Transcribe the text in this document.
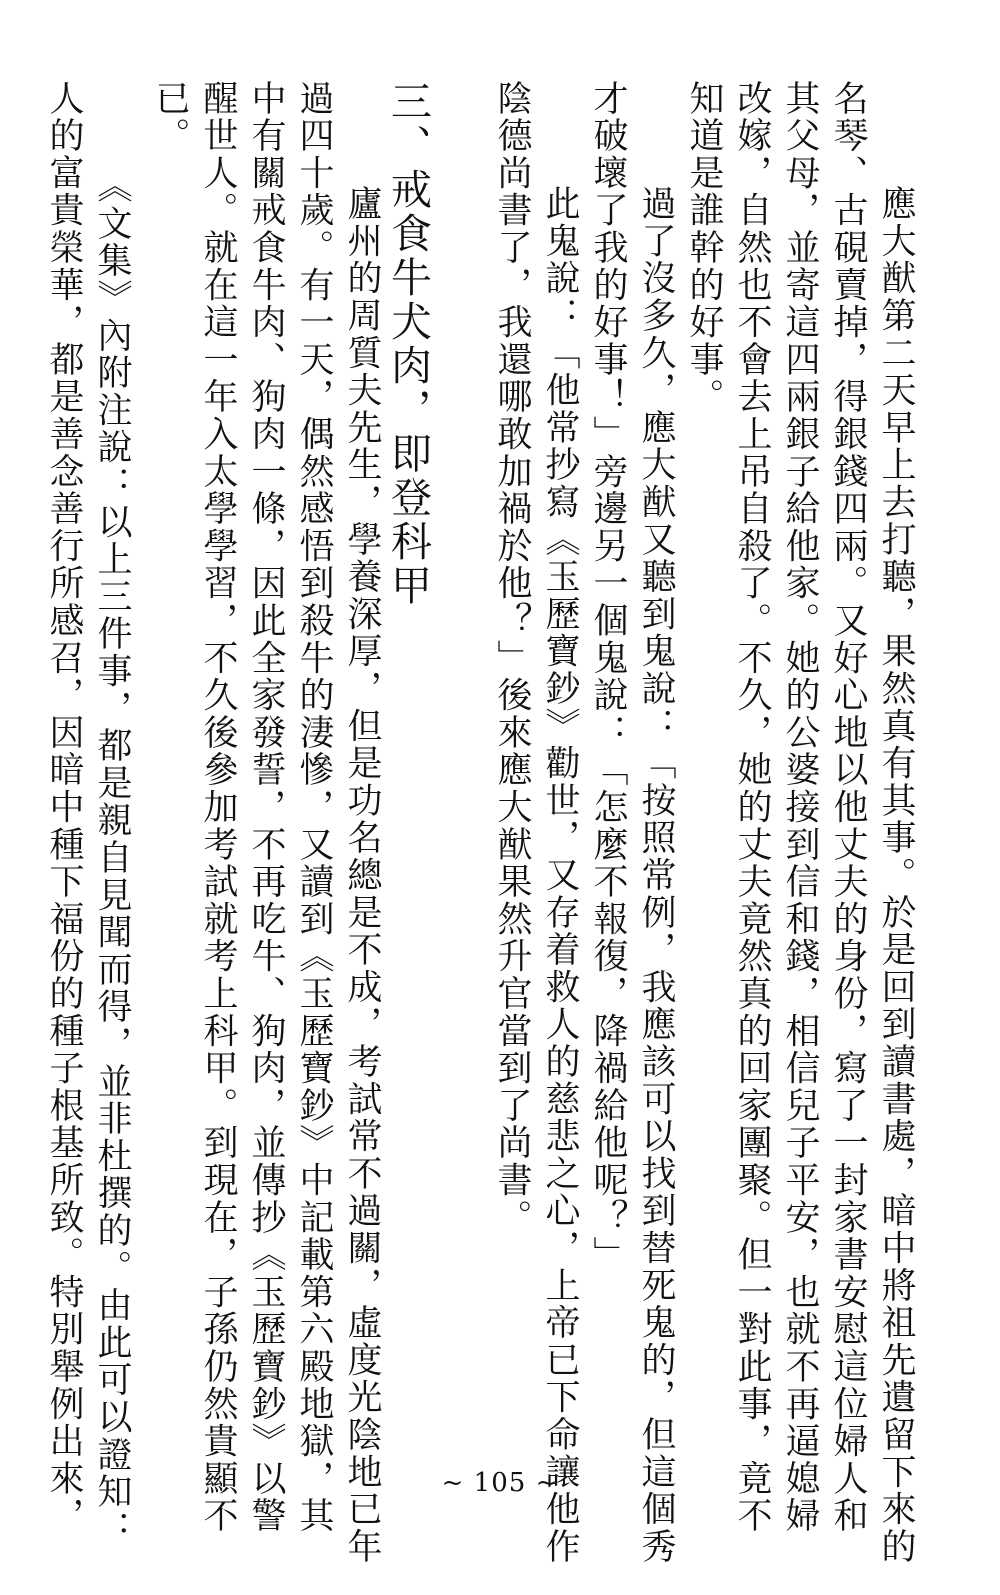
　應大猷第二天早上去打聽，果然真有其事。於是回到讀書處，暗中將祖先遺留下來的
名琴、古硯賣掉，得銀錢四兩。又好心地以他丈夫的身份，寫了一封家書安慰這位婦人和
其父母，並寄這四兩銀子給他家。她的公婆接到信和錢，相信兒子平安，也就不再逼媳婦
改嫁，自然也不會去上吊自殺了。不久，她的丈夫竟然真的回家團聚。但一對此事，竟不
知道是誰幹的好事。
　過了沒多久，應大猷又聽到鬼說：「按照常例，我應該可以找到替死鬼的，但這個秀
才破壞了我的好事！」旁邊另一個鬼說：「怎麼不報復，降禍給他呢？」
　此鬼說：「他常抄寫《玉歷寶鈔》勸世，又存着救人的慈悲之心，上帝已下命讓他作
陰德尚書了，我還哪敢加禍於他？」後來應大猷果然升官當到了尚書。
三、戒食牛犬肉，即登科甲
　廬州的周質夫先生，學養深厚，但是功名總是不成，考試常不過關，虛度光陰地已年
過四十歲。有一天，偶然感悟到殺牛的淒慘，又讀到《玉歷寶鈔》中記載第六殿地獄，其
中有關戒食牛肉、狗肉一條，因此全家發誓，不再吃牛、狗肉，並傳抄《玉歷寶鈔》以警
醒世人。就在這一年入太學學習，不久後參加考試就考上科甲。到現在，子孫仍然貴顯不
已。
　《文集》內附注說：以上三件事，都是親自見聞而得，並非杜撰的。由此可以證知：
人的富貴榮華，都是善念善行所感召，因暗中種下福份的種子根基所致。特別舉例出來，	~ 105 ~
